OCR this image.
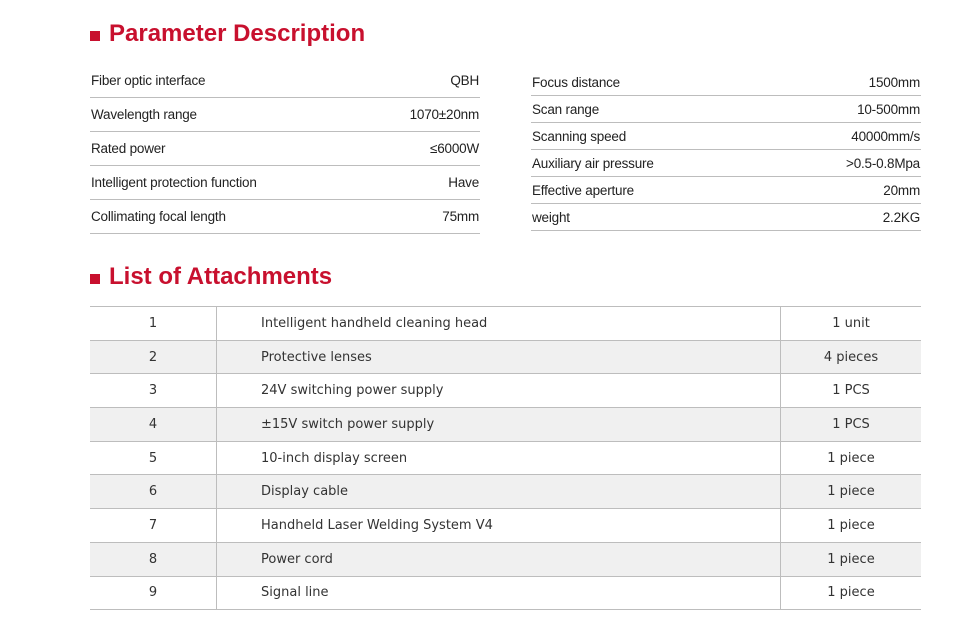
Parameter Description
Fiber optic interface	QBH
Wavelength range	1070±20nm
Rated power	≤6000W
Intelligent protection function	Have
Collimating focal length	75mm
Focus distance	1500mm
Scan range	10-500mm
Scanning speed	40000mm/s
Auxiliary air pressure	>0.5-0.8Mpa
Effective aperture	20mm
weight	2.2KG
List of Attachments
1	Intelligent handheld cleaning head	1 unit
2	Protective lenses	4 pieces
3	24V switching power supply	1 PCS
4	±15V switch power supply	1 PCS
5	10-inch display screen	1 piece
6	Display cable	1 piece
7	Handheld Laser Welding System V4	1 piece
8	Power cord	1 piece
9	Signal line	1 piece
